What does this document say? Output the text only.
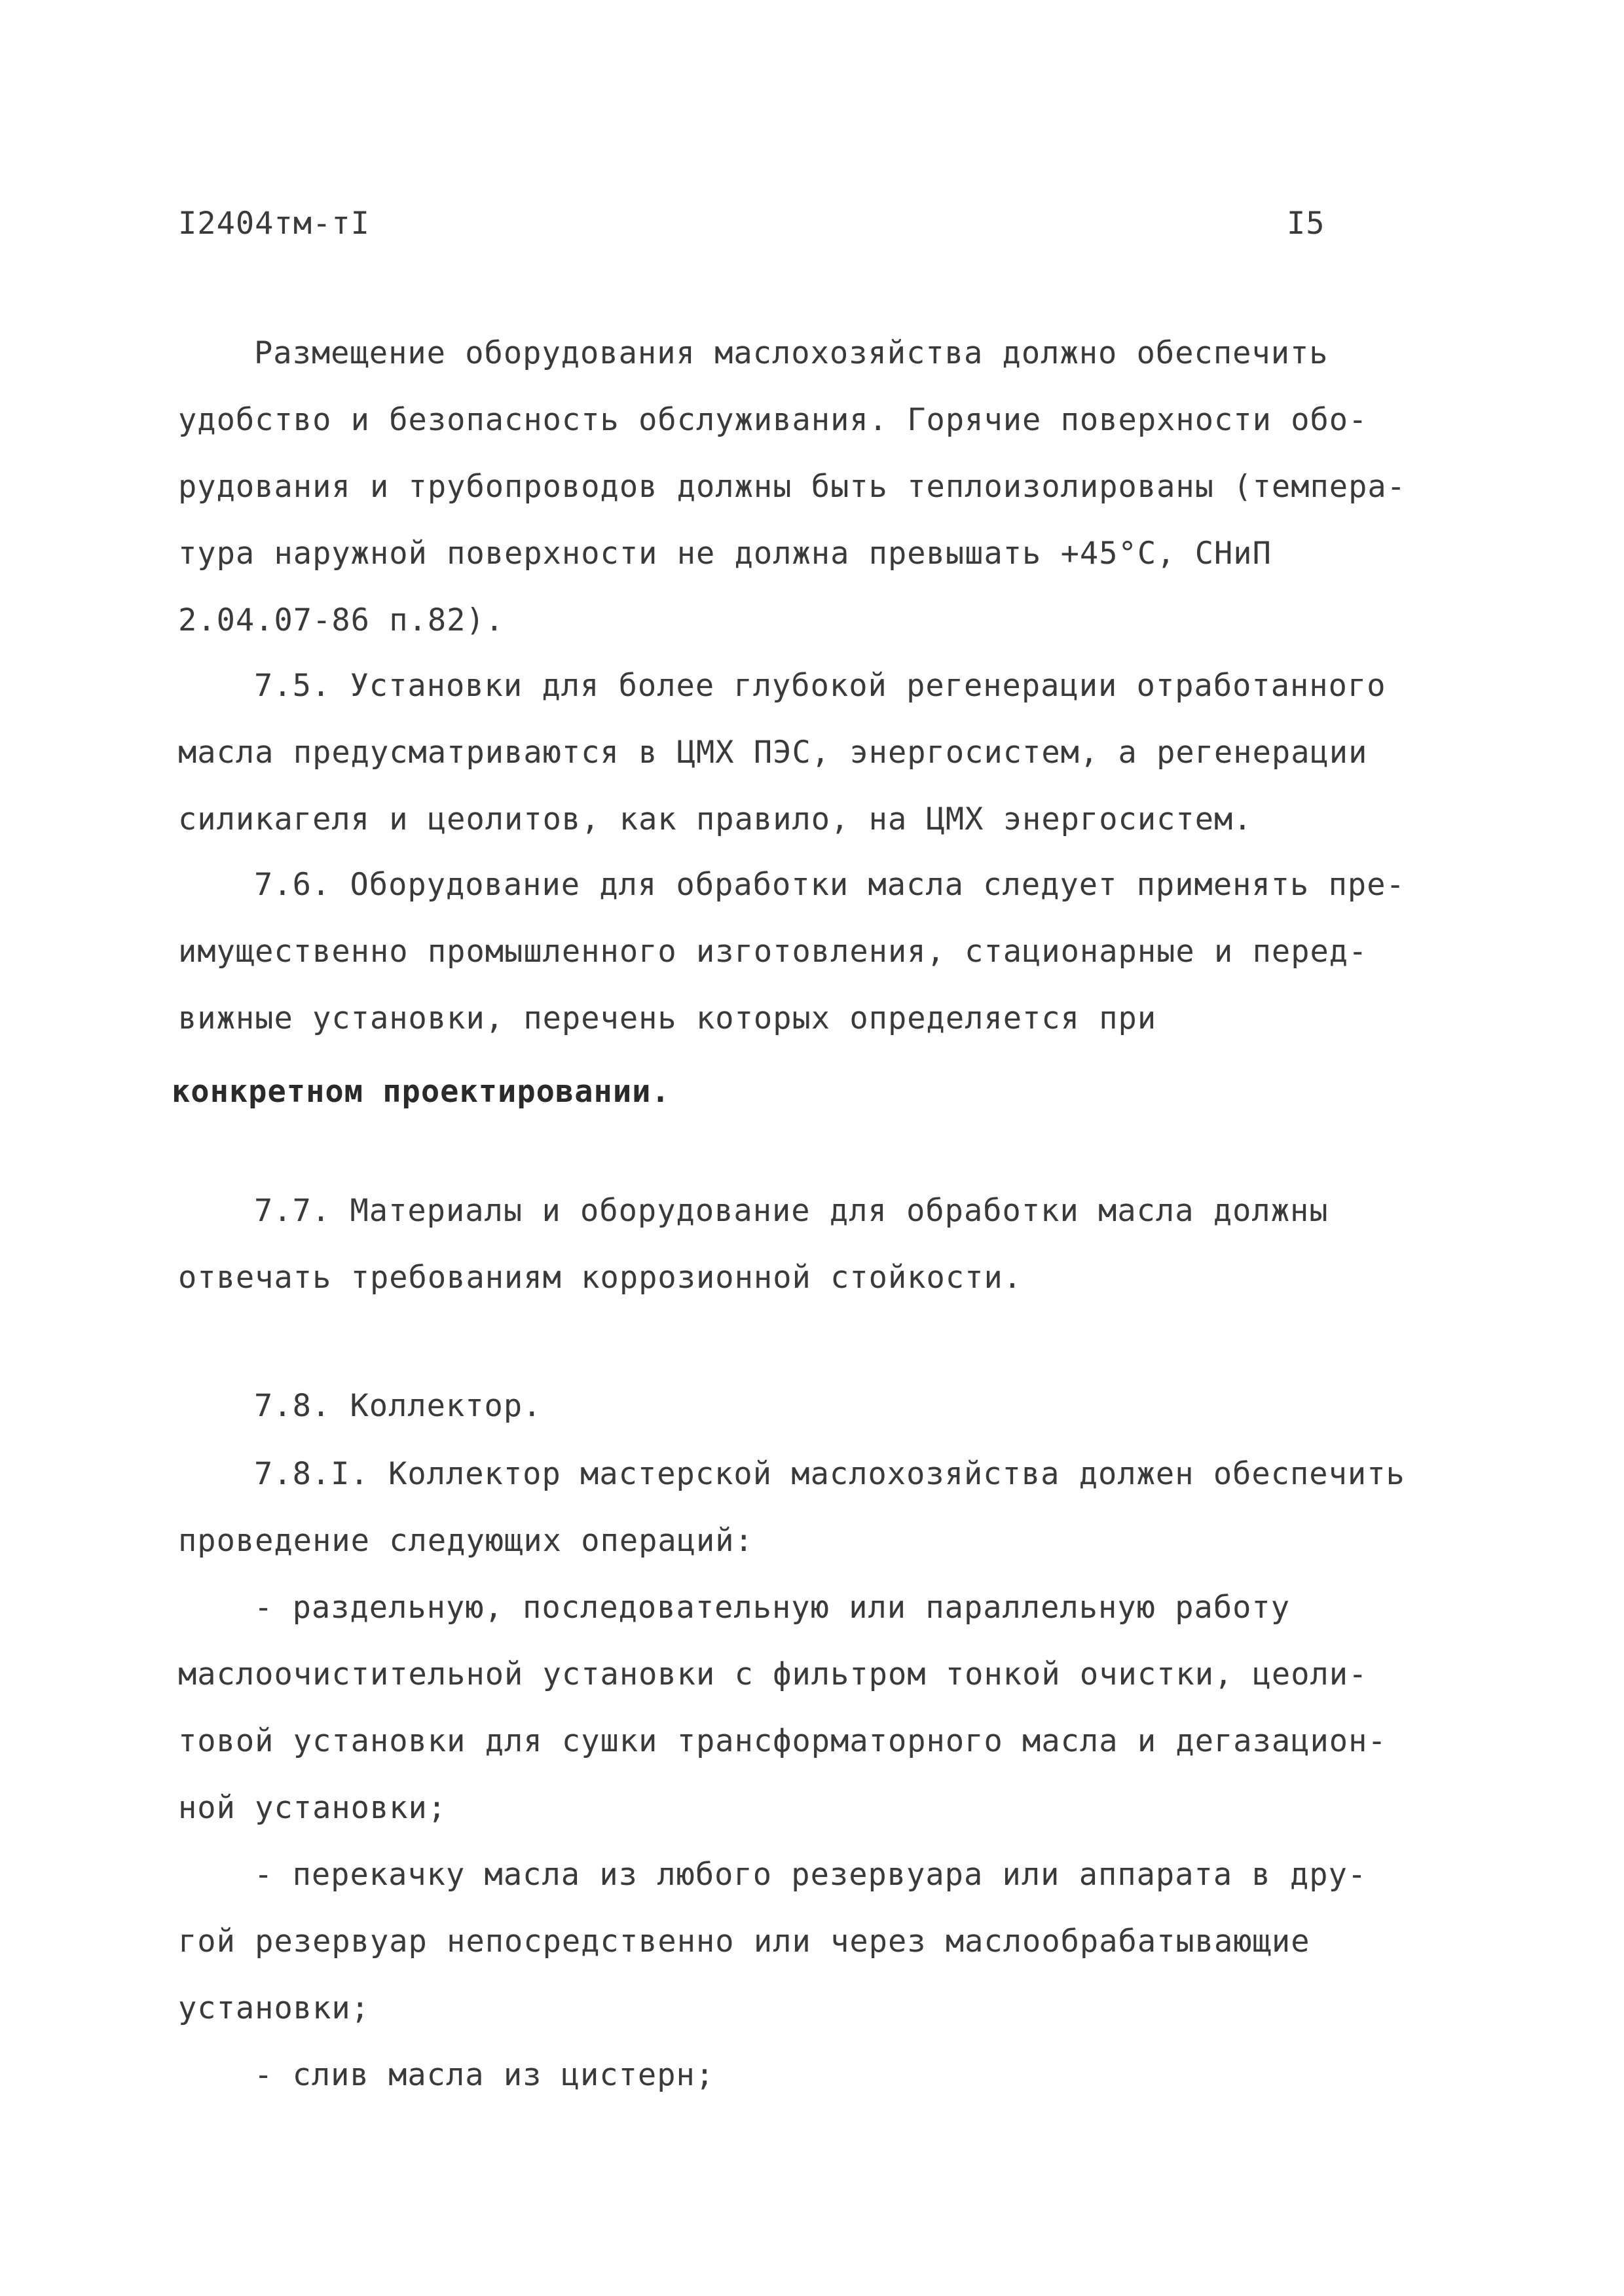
I2404тм-тI	I5
Размещение оборудования маслохозяйства должно обеспечить
удобство и безопасность обслуживания. Горячие поверхности обо-
рудования и трубопроводов должны быть теплоизолированы (темпера-
тура наружной поверхности не должна превышать +45°С, СНиП
2.04.07-86 п.82).
7.5. Установки для более глубокой регенерации отработанного
масла предусматриваются в ЦМХ ПЭС, энергосистем, а регенерации
силикагеля и цеолитов, как правило, на ЦМХ энергосистем.
7.6. Оборудование для обработки масла следует применять пре-
имущественно промышленного изготовления, стационарные и перед-
вижные установки, перечень которых определяется при
конкретном проектировании.
7.7. Материалы и оборудование для обработки масла должны
отвечать требованиям коррозионной стойкости.
7.8. Коллектор.
7.8.I. Коллектор мастерской маслохозяйства должен обеспечить
проведение следующих операций:
- раздельную, последовательную или параллельную работу
маслоочистительной установки с фильтром тонкой очистки, цеоли-
товой установки для сушки трансформаторного масла и дегазацион-
ной установки;
- перекачку масла из любого резервуара или аппарата в дру-
гой резервуар непосредственно или через маслообрабатывающие
установки;
- слив масла из цистерн;
